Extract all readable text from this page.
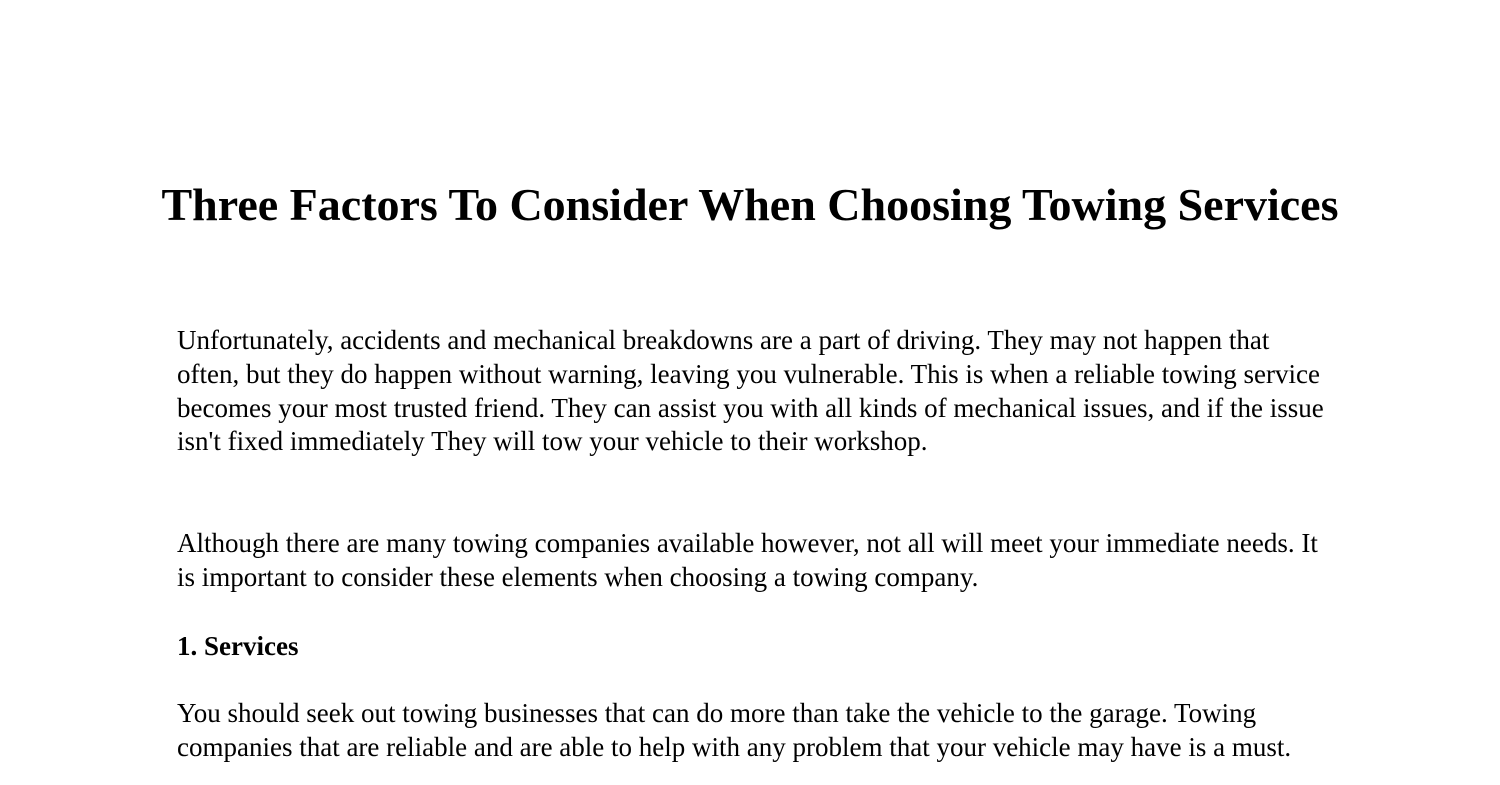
Three Factors To Consider When Choosing Towing Services

Unfortunately, accidents and mechanical breakdowns are a part of driving. They may not happen that often, but they do happen without warning, leaving you vulnerable. This is when a reliable towing service becomes your most trusted friend. They can assist you with all kinds of mechanical issues, and if the issue isn't fixed immediately They will tow your vehicle to their workshop.

Although there are many towing companies available however, not all will meet your immediate needs. It is important to consider these elements when choosing a towing company.

1. Services

You should seek out towing businesses that can do more than take the vehicle to the garage. Towing companies that are reliable and are able to help with any problem that your vehicle may have is a must.
